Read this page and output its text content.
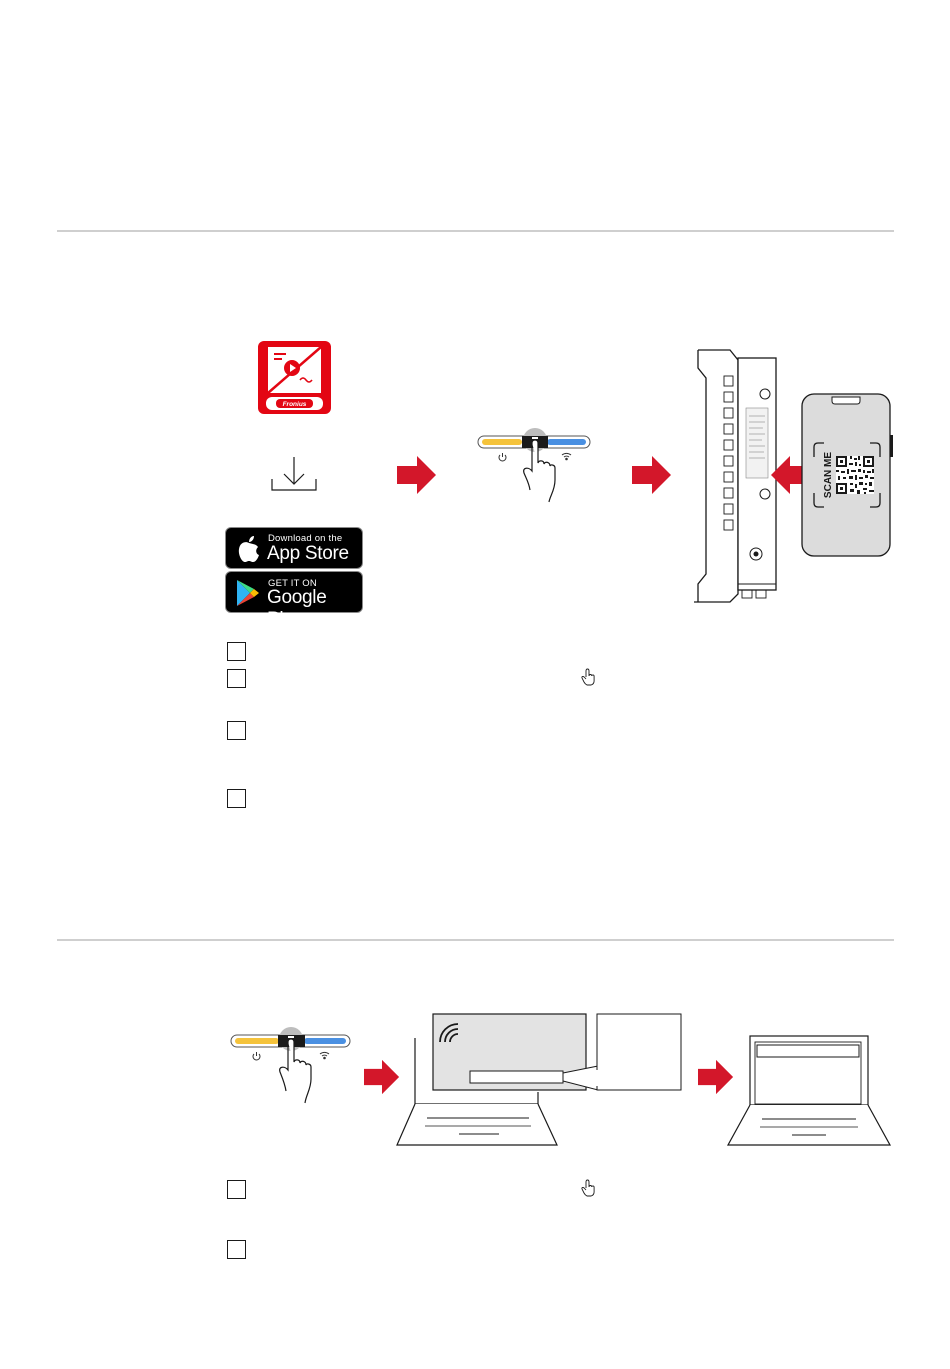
Fronius
Download on the
App Store
GET IT ON
Google Play
SCAN ME
